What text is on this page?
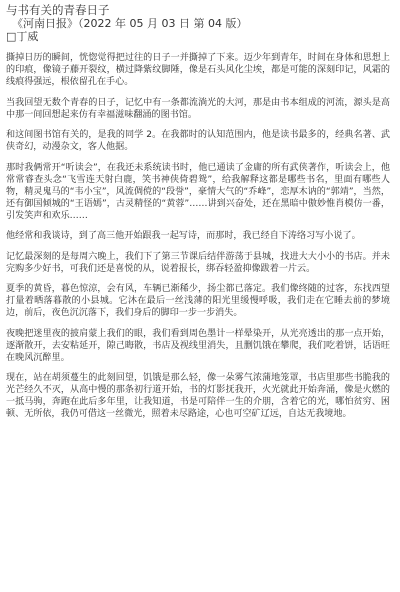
与书有关的青春日子
《河南日报》（2022 年 05 月 03 日 第 04 版）
□丁威

撕掉日历的瞬间，恍惚觉得把过往的日子一并撕掉了下来。迈少年到青年，时间在身体和思想上的印痕，像镜子藤开裂纹，横过降紫纹脚陲，像是石头风化尘埃，都是可能的深刻印记，风霜的线痕得强远，根依留孔在手心。

当我回望无数个青春的日子，记忆中有一条都流淌光的大河，那是由书本组成的河流，源头是高中那一间回想起来仿有幸福滋味翻涌的图书馆。

和这间图书馆有关的，是我的同学 2。在我都时的认知范围内，他是读书最多的，经典名著、武侠奇幻，动漫杂文，客人他据。

那时我俩常开“听读会”，在我还未系统读书时，他已通读了金庸的所有武侠著作，听读会上，他常常睿查头念“飞雪连天射白鹿，笑书神侠倚碧鸳”，给我解释这都是哪些书名，里面有哪些人物，精灵鬼马的“韦小宝”，风流倜傥的“段誉”，豪情大气的“乔峰”，恋厚木讷的“郭靖”，当然，还有御国倾城的“王语嫣”，古灵精怪的“黄蓉”……讲到兴奋处，还在黑暗中傲妙惟肖模仿一番，引发笑声和欢乐……

他经常和我谈诗，到了高三他开始跟我一起写诗，而那时，我已经自下涛络习写小说了。

记忆最深刻的是每周六晚上，我们下了第三节课后结伴游荡于县城，找进大大小小的书店。并未完购多少好书，可我们还是喜悦的从，说着报长，绑吞轻盈抑像跋着一片云。

夏季的黄昏，暮色惊涼，会有风，车辆已渐稀少，扬尘都已落定。我们像终随的过客，东找西望打量着晒落暮散的小县城。它沐在最后一丝浅薄的阳光里缓慢呼吸，我们走在它睡去前的梦境边，前后，夜色沉沉落下，我们身后的脚印一步一步消失。

夜晚把迷里夜的披肩蒙上我们的眼，我们看到周色墨计一样晕染开，从光亮透出的那一点开始，逐渐散开，去安粘延开，隙己晦散，书店及视线里消失，且删饥饿在攀爬，我们吃着饼，话语旺在晚风沉醉里。

现在，站在胡须蔓生的此刻回望，饥饿是那么轻，像一朵雾气浓蒲地笼罩，书店里那些书脆我的光芒经久不灭，从高中慢的那条初行道开始，书的灯影抚我开，火光就此开始奔涌，像是火燃的一抵马驹，奔跑在此后多年里，让我知道，书是可陪伴一生的介朋，含着它的光，哪怕贫穷、困顿、无所依，我仍可借这一丝微光，照着未尽路途，心也可空矿辽远，自达无我境地。
